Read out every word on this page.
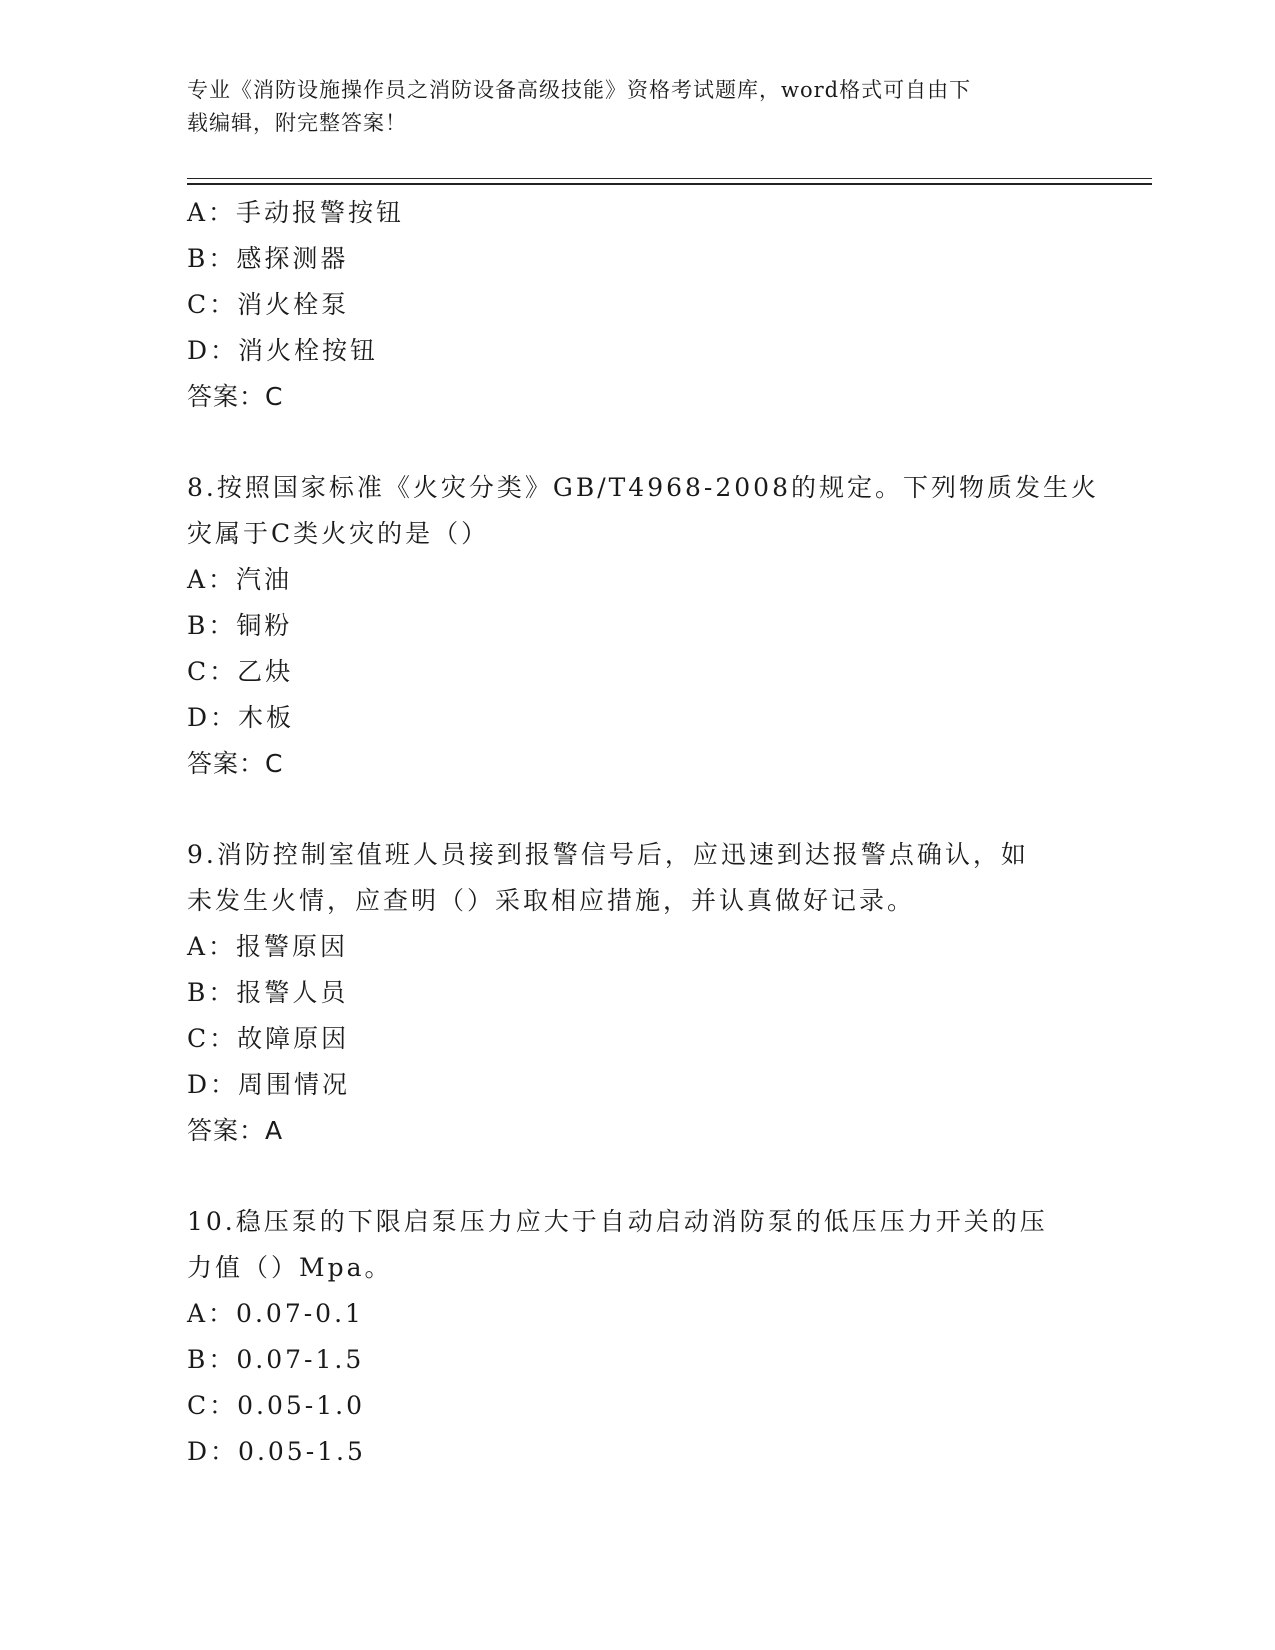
专业《消防设施操作员之消防设备高级技能》资格考试题库，word格式可自由下
载编辑，附完整答案！
A：手动报警按钮
B：感探测器
C：消火栓泵
D：消火栓按钮
答案：C
8.按照国家标准《火灾分类》GB/T4968-2008的规定。下列物质发生火
灾属于C类火灾的是（）
A：汽油
B：铜粉
C：乙炔
D：木板
答案：C
9.消防控制室值班人员接到报警信号后，应迅速到达报警点确认，如
未发生火情，应查明（）采取相应措施，并认真做好记录。
A：报警原因
B：报警人员
C：故障原因
D：周围情况
答案：A
10.稳压泵的下限启泵压力应大于自动启动消防泵的低压压力开关的压
力值（）Mpa。
A：0.07-0.1
B：0.07-1.5
C：0.05-1.0
D：0.05-1.5
